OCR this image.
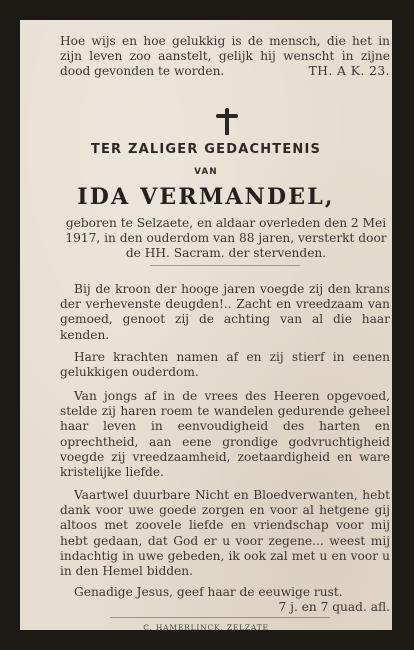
Hoe wijs en hoe gelukkig is de mensch, die het in zijn leven zoo aanstelt, gelijk hij wenscht in zijne dood gevonden te worden.	TH. A K. 23.

TER ZALIGER GEDACHTENIS
VAN
IDA VERMANDEL,
geboren te Selzaete, en aldaar overleden den 2 Mei 1917, in den ouderdom van 88 jaren, versterkt door de HH. Sacram. der stervenden.

Bij de kroon der hooge jaren voegde zij den krans der verhevenste deugden!.. Zacht en vreedzaam van gemoed, genoot zij de achting van al die haar kenden.

Hare krachten namen af en zij stierf in eenen gelukkigen ouderdom.

Van jongs af in de vrees des Heeren opgevoed, stelde zij haren roem te wandelen gedurende geheel haar leven in eenvoudigheid des harten en oprechtheid, aan eene grondige godvruchtigheid voegde zij vreedzaamheid, zoetaardigheid en ware kristelijke liefde.

Vaartwel duurbare Nicht en Bloedverwanten, hebt dank voor uwe goede zorgen en voor al hetgene gij altoos met zoovele liefde en vriendschap voor mij hebt gedaan, dat God er u voor zegene... weest mij indachtig in uwe gebeden, ik ook zal met u en voor u in den Hemel bidden.

Genadige Jesus, geef haar de eeuwige rust.
7 j. en 7 quad. afl.
C. HAMERLINCK, ZELZATE
